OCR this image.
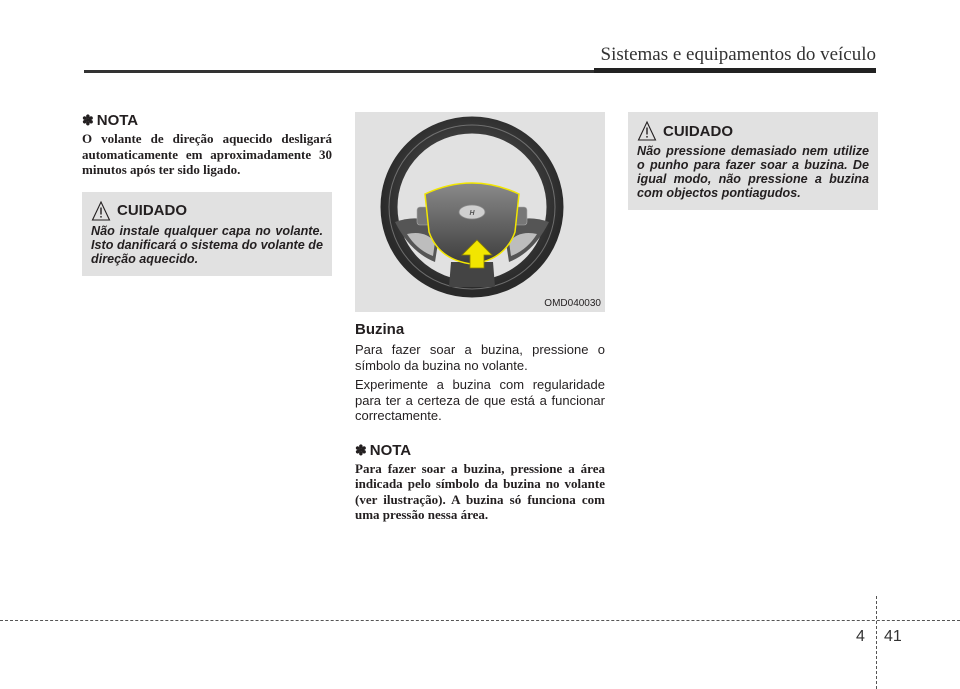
Sistemas e equipamentos do veículo
✽ NOTA

O volante de direção aquecido desligará automaticamente em aproximadamente 30 minutos após ter sido ligado.

CUIDADO

Não instale qualquer capa no volante. Isto danificará o sistema do volante de direção aquecido.

H
OMD040030
Buzina

Para fazer soar a buzina, pressione o símbolo da buzina no volante.

Experimente a buzina com regularidade para ter a certeza de que está a funcionar correctamente.

✽ NOTA

Para fazer soar a buzina, pressione a área indicada pelo símbolo da buzina no volante (ver ilustração). A buzina só funciona com uma pressão nessa área.

CUIDADO

Não pressione demasiado nem utilize o punho para fazer soar a buzina. De igual modo, não pressione a buzina com objectos pontiagudos.

4 41
